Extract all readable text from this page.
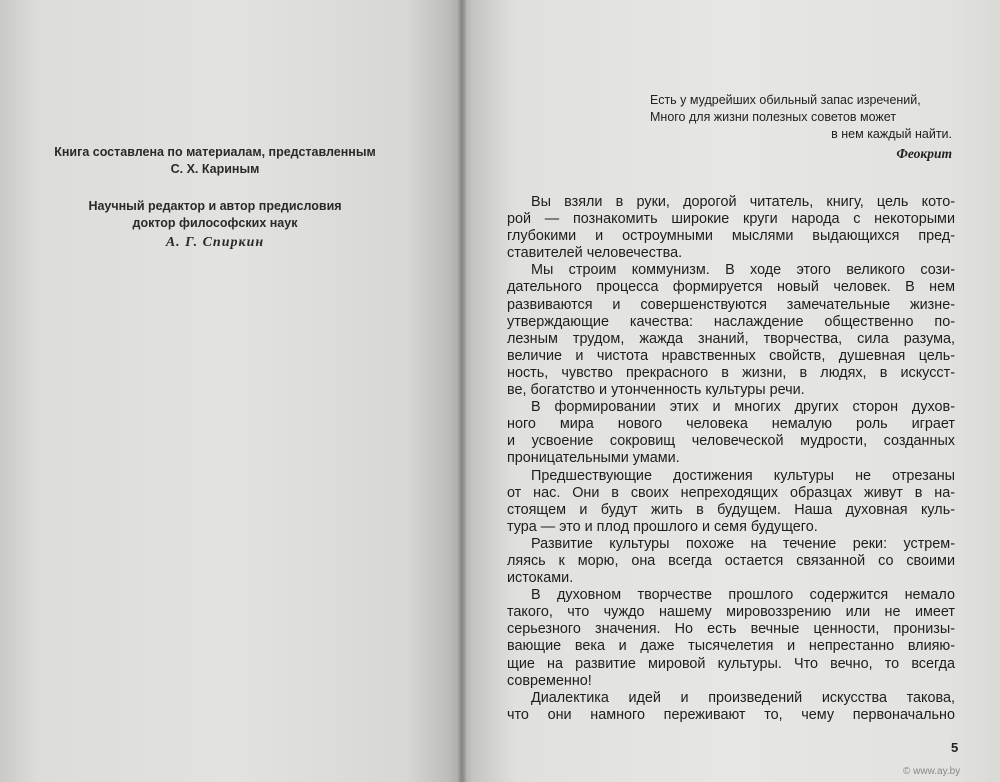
Книга составлена по материалам, представленным
С. Х. Кариным
Научный редактор и автор предисловия
доктор философских наук
А. Г. Спиркин
Есть у мудрейших обильный запас изречений,
Много для жизни полезных советов может
в нем каждый найти.
Феокрит
Вы взяли в руки, дорогой читатель, книгу, цель кото-
рой — познакомить широкие круги народа с некоторыми
глубокими и остроумными мыслями выдающихся пред-
ставителей человечества.
Мы строим коммунизм. В ходе этого великого сози-
дательного процесса формируется новый человек. В нем
развиваются и совершенствуются замечательные жизне-
утверждающие качества: наслаждение общественно по-
лезным трудом, жажда знаний, творчества, сила разума,
величие и чистота нравственных свойств, душевная цель-
ность, чувство прекрасного в жизни, в людях, в искусст-
ве, богатство и утонченность культуры речи.
В формировании этих и многих других сторон духов-
ного мира нового человека немалую роль играет
и усвоение сокровищ человеческой мудрости, созданных
проницательными умами.
Предшествующие достижения культуры не отрезаны
от нас. Они в своих непреходящих образцах живут в на-
стоящем и будут жить в будущем. Наша духовная куль-
тура — это и плод прошлого и семя будущего.
Развитие культуры похоже на течение реки: устрем-
ляясь к морю, она всегда остается связанной со своими
истоками.
В духовном творчестве прошлого содержится немало
такого, что чуждо нашему мировоззрению или не имеет
серьезного значения. Но есть вечные ценности, пронизы-
вающие века и даже тысячелетия и непрестанно влияю-
щие на развитие мировой культуры. Что вечно, то всегда
современно!
Диалектика идей и произведений искусства такова,
что они намного переживают то, чему первоначально
5
© www.ay.by
